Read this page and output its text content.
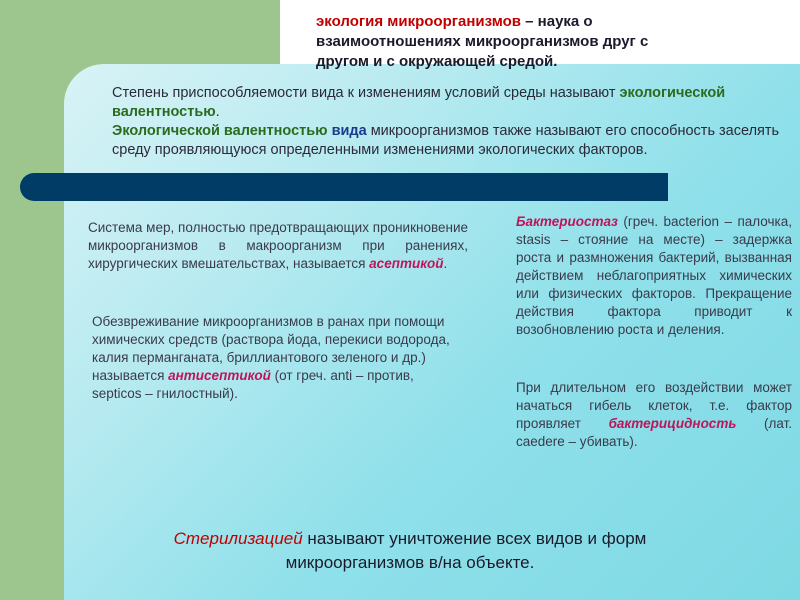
экология микроорганизмов – наука о взаимоотношениях микроорганизмов друг с другом и с окружающей средой.
Степень приспособляемости вида к изменениям условий среды называют экологической валентностью.
Экологической валентностью вида микроорганизмов также называют его способность заселять среду проявляющуюся определенными изменениями экологических факторов.
Система мер, полностью предотвращающих проникновение микроорганизмов в макроорганизм при ранениях, хирургических вмешательствах, называется асептикой.
Обезвреживание микроорганизмов в ранах при помощи химических средств (раствора йода, перекиси водорода, калия перманганата, бриллиантового зеленого и др.) называется антисептикой (от греч. anti – против, septicos – гнилостный).
Бактериостаз (греч. bacterion – палочка, stasis – стояние на месте) – задержка роста и размножения бактерий, вызванная действием неблагоприятных химических или физических факторов. Прекращение действия фактора приводит к возобновлению роста и деления.
При длительном его воздействии может начаться гибель клеток, т.е. фактор проявляет бактерицидность (лат. caedere – убивать).
Стерилизацией называют уничтожение всех видов и форм микроорганизмов в/на объекте.
